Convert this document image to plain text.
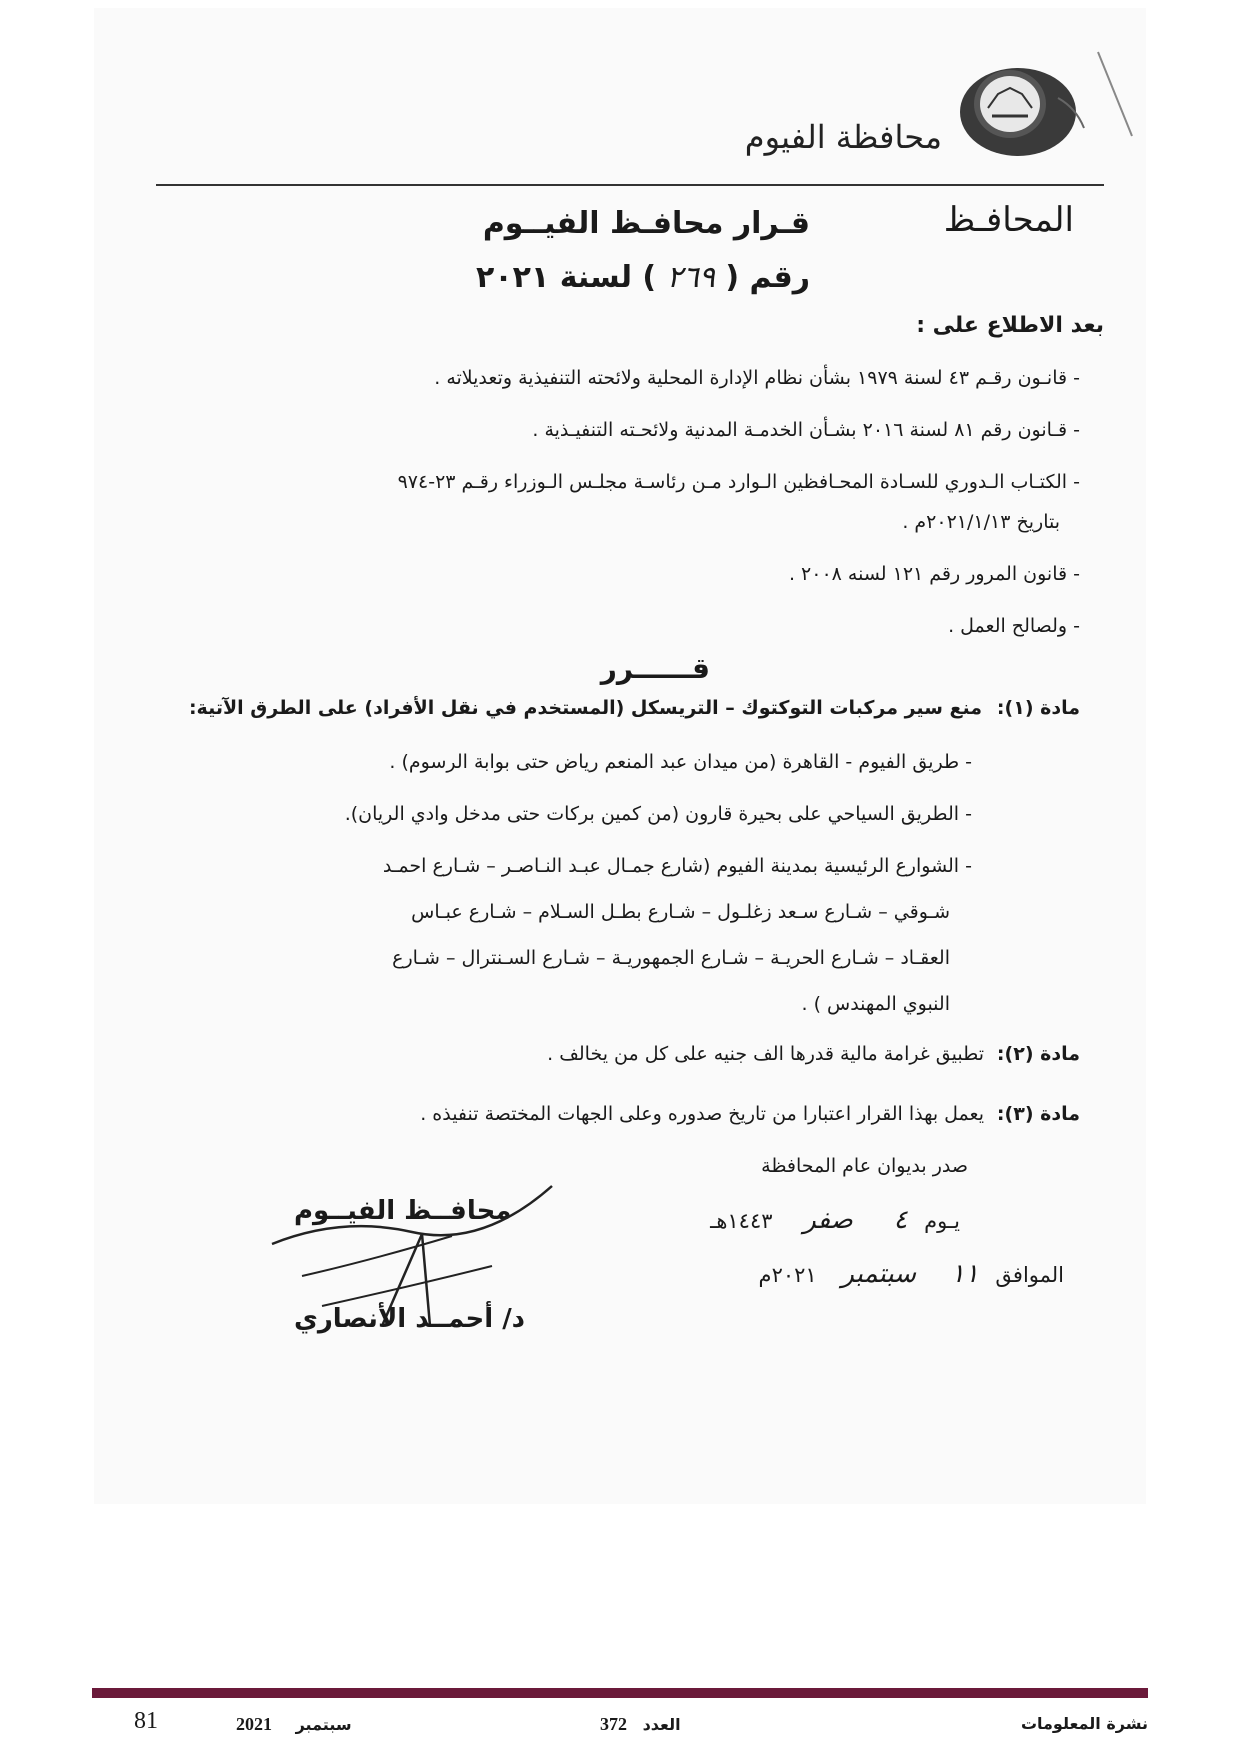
محافظة الفيوم
المحافـظ
قـرار محافـظ الفيــوم
رقم ( ٢٦٩ ) لسنة ٢٠٢١
بعد الاطلاع على :
- قانـون رقـم ٤٣ لسنة ١٩٧٩ بشأن نظام الإدارة المحلية ولائحته التنفيذية وتعديلاته .
- قـانون رقم ٨١ لسنة ٢٠١٦ بشـأن الخدمـة المدنية ولائحـته التنفيـذية .
- الكتـاب الـدوري للسـادة المحـافظين الـوارد مـن رئاسـة مجلـس الـوزراء رقـم ٢٣-٩٧٤
بتاريخ ٢٠٢١/١/١٣م .
- قانون المرور رقم ١٢١ لسنه ٢٠٠٨ .
- ولصالح العمل .
قــــــرر
مادة (١):
منع سير مركبات التوكتوك – التريسكل (المستخدم في نقل الأفراد) على الطرق الآتية:
- طريق الفيوم - القاهرة (من ميدان عبد المنعم رياض حتى بوابة الرسوم) .
- الطريق السياحي على بحيرة قارون (من كمين بركات حتى مدخل وادي الريان).
- الشوارع الرئيسية بمدينة الفيوم (شارع جمـال عبـد النـاصـر – شـارع احمـد
شـوقي – شـارع سـعد زغلـول – شـارع بطـل السـلام – شـارع عبـاس
العقـاد – شـارع الحريـة – شـارع الجمهوريـة – شـارع السـنترال – شـارع
النبوي المهندس ) .
مادة (٢):
تطبيق غرامة مالية قدرها الف جنيه على كل من يخالف .
مادة (٣):
يعمل بهذا القرار اعتبارا من تاريخ صدوره وعلى الجهات المختصة تنفيذه .
صدر بديوان عام المحافظة
يـوم ٤ صفر ١٤٤٣هـ
الموافق ١١ سبتمبر ٢٠٢١م
محافــظ الفيــوم
د/ أحمــد الأنصاري
نشرة المعلومات
العدد 372
سبتمبر 2021
81
